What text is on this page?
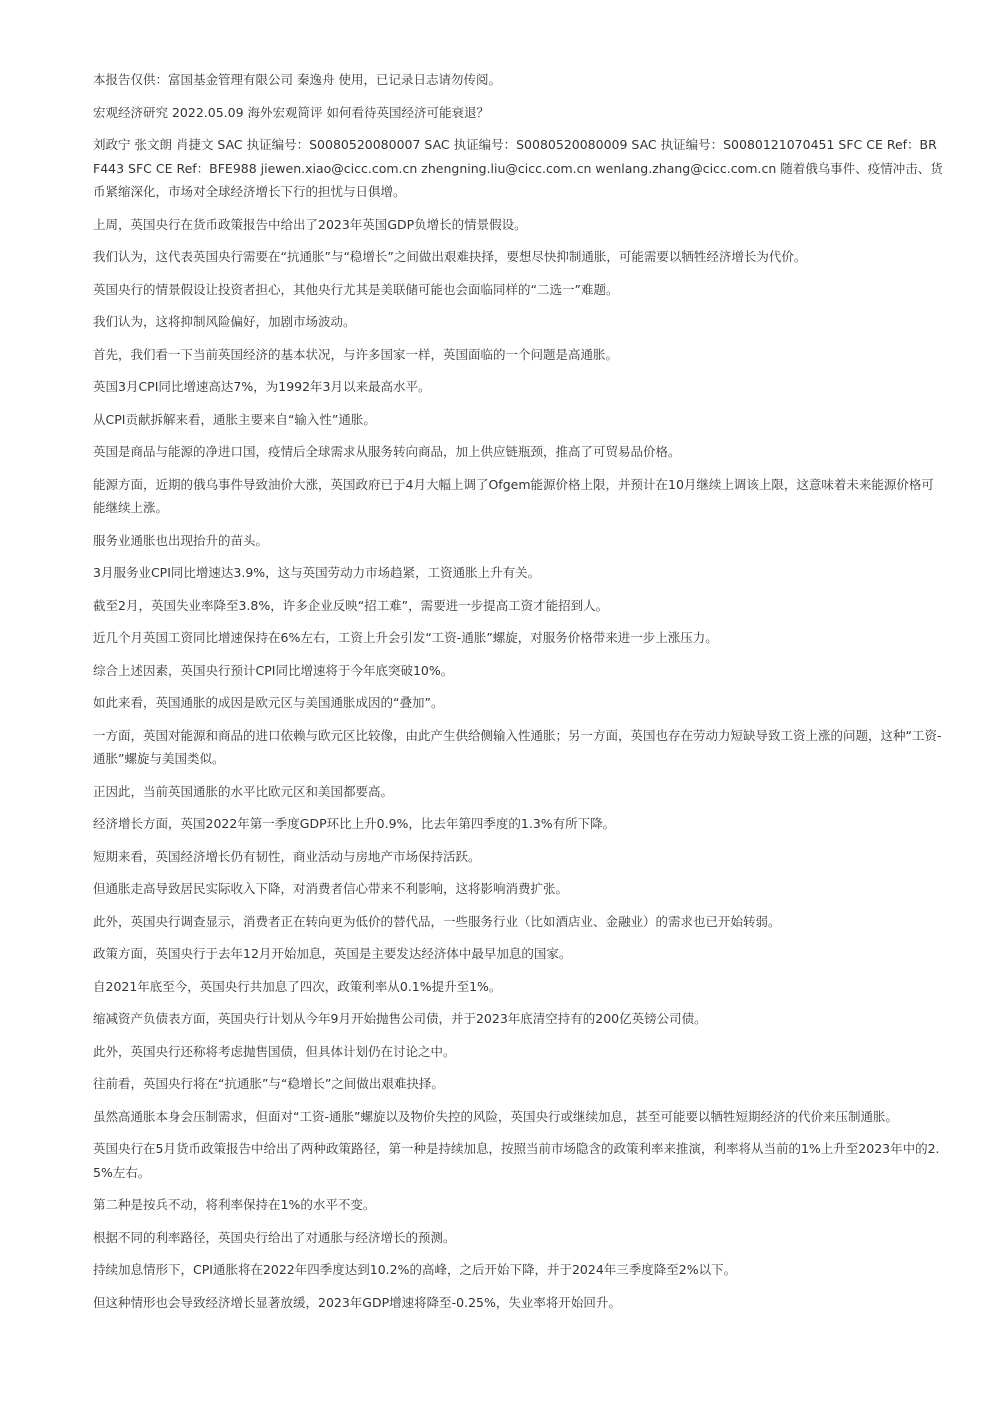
本报告仅供：富国基金管理有限公司 秦逸舟 使用，已记录日志请勿传阅。

宏观经济研究 2022.05.09 海外宏观简评 如何看待英国经济可能衰退？

刘政宁 张文朗 肖捷文 SAC 执证编号：S0080520080007 SAC 执证编号：S0080520080009 SAC 执证编号：S0080121070451 SFC CE Ref：BRF443 SFC CE Ref：BFE988 jiewen.xiao@cicc.com.cn zhengning.liu@cicc.com.cn wenlang.zhang@cicc.com.cn 随着俄乌事件、疫情冲击、货币紧缩深化，市场对全球经济增长下行的担忧与日俱增。

上周，英国央行在货币政策报告中给出了2023年英国GDP负增长的情景假设。

我们认为，这代表英国央行需要在“抗通胀”与“稳增长”之间做出艰难抉择，要想尽快抑制通胀，可能需要以牺牲经济增长为代价。

英国央行的情景假设让投资者担心，其他央行尤其是美联储可能也会面临同样的“二选一”难题。

我们认为，这将抑制风险偏好，加剧市场波动。

首先，我们看一下当前英国经济的基本状况，与许多国家一样，英国面临的一个问题是高通胀。

英国3月CPI同比增速高达7%，为1992年3月以来最高水平。

从CPI贡献拆解来看，通胀主要来自“输入性”通胀。

英国是商品与能源的净进口国，疫情后全球需求从服务转向商品，加上供应链瓶颈，推高了可贸易品价格。

能源方面，近期的俄乌事件导致油价大涨，英国政府已于4月大幅上调了Ofgem能源价格上限，并预计在10月继续上调该上限，这意味着未来能源价格可能继续上涨。

服务业通胀也出现抬升的苗头。

3月服务业CPI同比增速达3.9%，这与英国劳动力市场趋紧，工资通胀上升有关。

截至2月，英国失业率降至3.8%，许多企业反映“招工难”，需要进一步提高工资才能招到人。

近几个月英国工资同比增速保持在6%左右，工资上升会引发“工资-通胀”螺旋，对服务价格带来进一步上涨压力。

综合上述因素，英国央行预计CPI同比增速将于今年底突破10%。

如此来看，英国通胀的成因是欧元区与美国通胀成因的“叠加”。

一方面，英国对能源和商品的进口依赖与欧元区比较像，由此产生供给侧输入性通胀；另一方面，英国也存在劳动力短缺导致工资上涨的问题，这种“工资-通胀”螺旋与美国类似。

正因此，当前英国通胀的水平比欧元区和美国都要高。

经济增长方面，英国2022年第一季度GDP环比上升0.9%，比去年第四季度的1.3%有所下降。

短期来看，英国经济增长仍有韧性，商业活动与房地产市场保持活跃。

但通胀走高导致居民实际收入下降，对消费者信心带来不利影响，这将影响消费扩张。

此外，英国央行调查显示，消费者正在转向更为低价的替代品，一些服务行业（比如酒店业、金融业）的需求也已开始转弱。

政策方面，英国央行于去年12月开始加息，英国是主要发达经济体中最早加息的国家。

自2021年底至今，英国央行共加息了四次，政策利率从0.1%提升至1%。

缩减资产负债表方面，英国央行计划从今年9月开始抛售公司债，并于2023年底清空持有的200亿英镑公司债。

此外，英国央行还称将考虑抛售国债，但具体计划仍在讨论之中。

往前看，英国央行将在“抗通胀”与“稳增长”之间做出艰难抉择。

虽然高通胀本身会压制需求，但面对“工资-通胀”螺旋以及物价失控的风险，英国央行或继续加息，甚至可能要以牺牲短期经济的代价来压制通胀。

英国央行在5月货币政策报告中给出了两种政策路径，第一种是持续加息，按照当前市场隐含的政策利率来推演，利率将从当前的1%上升至2023年中的2.5%左右。

第二种是按兵不动，将利率保持在1%的水平不变。

根据不同的利率路径，英国央行给出了对通胀与经济增长的预测。

持续加息情形下，CPI通胀将在2022年四季度达到10.2%的高峰，之后开始下降，并于2024年三季度降至2%以下。

但这种情形也会导致经济增长显著放缓，2023年GDP增速将降至-0.25%，失业率将开始回升。
